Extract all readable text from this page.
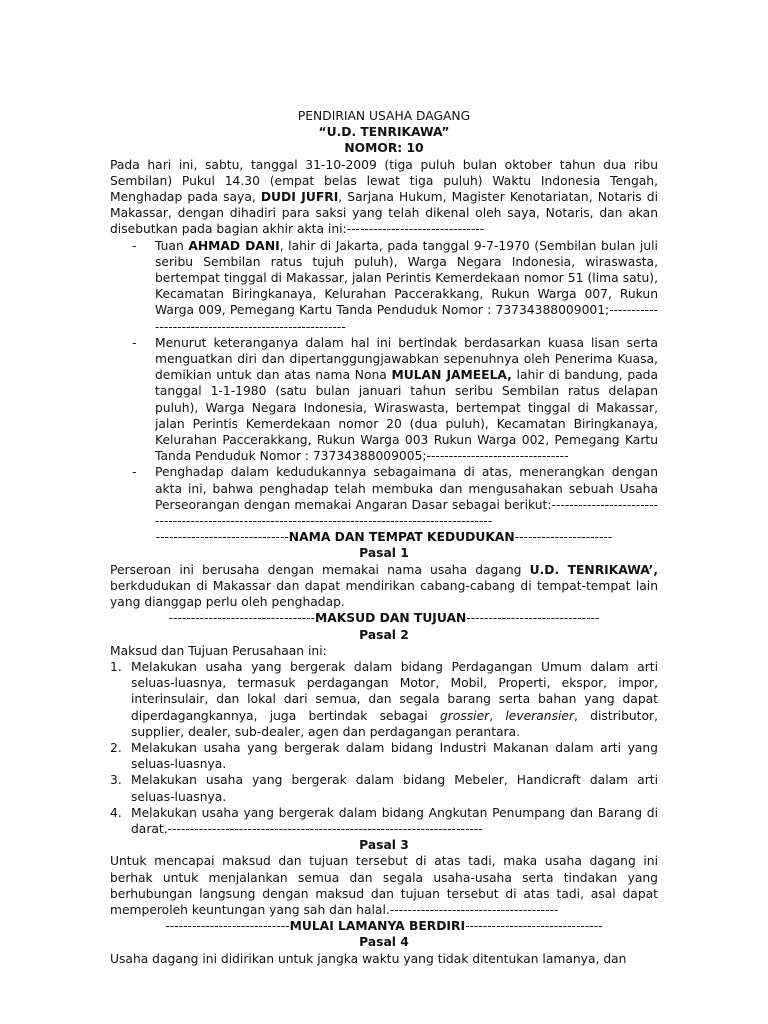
PENDIRIAN USAHA DAGANG

“U.D. TENRIKAWA”

NOMOR: 10

Pada hari ini, sabtu, tanggal 31-10-2009 (tiga puluh bulan oktober tahun dua ribu Sembilan) Pukul 14.30 (empat belas lewat tiga puluh) Waktu Indonesia Tengah, Menghadap pada saya, DUDI JUFRI, Sarjana Hukum, Magister Kenotariatan, Notaris di Makassar, dengan dihadiri para saksi yang telah dikenal oleh saya, Notaris, dan akan disebutkan pada bagian akhir akta ini:-------------------------------

- Tuan AHMAD DANI, lahir di Jakarta, pada tanggal 9-7-1970 (Sembilan bulan juli seribu Sembilan ratus tujuh puluh), Warga Negara Indonesia, wiraswasta, bertempat tinggal di Makassar, jalan Perintis Kemerdekaan nomor 51 (lima satu), Kecamatan Biringkanaya, Kelurahan Paccerakkang, Rukun Warga 007, Rukun Warga 009, Pemegang Kartu Tanda Penduduk Nomor : 73734388009001;------------------------------------------------------
- Menurut keteranganya dalam hal ini bertindak berdasarkan kuasa lisan serta menguatkan diri dan dipertanggungjawabkan sepenuhnya oleh Penerima Kuasa, demikian untuk dan atas nama Nona MULAN JAMEELA, lahir di bandung, pada tanggal 1-1-1980 (satu bulan januari tahun seribu Sembilan ratus delapan puluh), Warga Negara Indonesia, Wiraswasta, bertempat tinggal di Makassar, jalan Perintis Kemerdekaan nomor 20 (dua puluh), Kecamatan Biringkanaya, Kelurahan Paccerakkang, Rukun Warga 003 Rukun Warga 002, Pemegang Kartu Tanda Penduduk Nomor : 73734388009005;--------------------------------
- Penghadap dalam kedudukannya sebagaimana di atas, menerangkan dengan akta ini, bahwa penghadap telah membuka dan mengusahakan sebuah Usaha Perseorangan dengan memakai Angaran Dasar sebagai berikut:----------------------------------------------------------------------------------------------------

------------------------------NAMA DAN TEMPAT KEDUDUKAN----------------------

Pasal 1

Perseroan ini berusaha dengan memakai nama usaha dagang U.D. TENRIKAWA’, berkdudukan di Makassar dan dapat mendirikan cabang-cabang di tempat-tempat lain yang dianggap perlu oleh penghadap.

---------------------------------MAKSUD DAN TUJUAN------------------------------

Pasal 2

Maksud dan Tujuan Perusahaan ini:

1. Melakukan usaha yang bergerak dalam bidang Perdagangan Umum dalam arti seluas-luasnya, termasuk perdagangan Motor, Mobil, Properti, ekspor, impor, interinsulair, dan lokal dari semua, dan segala barang serta bahan yang dapat diperdagangkannya, juga bertindak sebagai grossier, leveransier, distributor, supplier, dealer, sub-dealer, agen dan perdagangan perantara.
2. Melakukan usaha yang bergerak dalam bidang Industri Makanan dalam arti yang seluas-luasnya.
3. Melakukan usaha yang bergerak dalam bidang Mebeler, Handicraft dalam arti seluas-luasnya.
4. Melakukan usaha yang bergerak dalam bidang Angkutan Penumpang dan Barang di darat.-----------------------------------------------------------------------

Pasal 3

Untuk mencapai maksud dan tujuan tersebut di atas tadi, maka usaha dagang ini berhak untuk menjalankan semua dan segala usaha-usaha serta tindakan yang berhubungan langsung dengan maksud dan tujuan tersebut di atas tadi, asal dapat memperoleh keuntungan yang sah dan halal.--------------------------------------

----------------------------MULAI LAMANYA BERDIRI-------------------------------

Pasal 4

Usaha dagang ini didirikan untuk jangka waktu yang tidak ditentukan lamanya, dan
